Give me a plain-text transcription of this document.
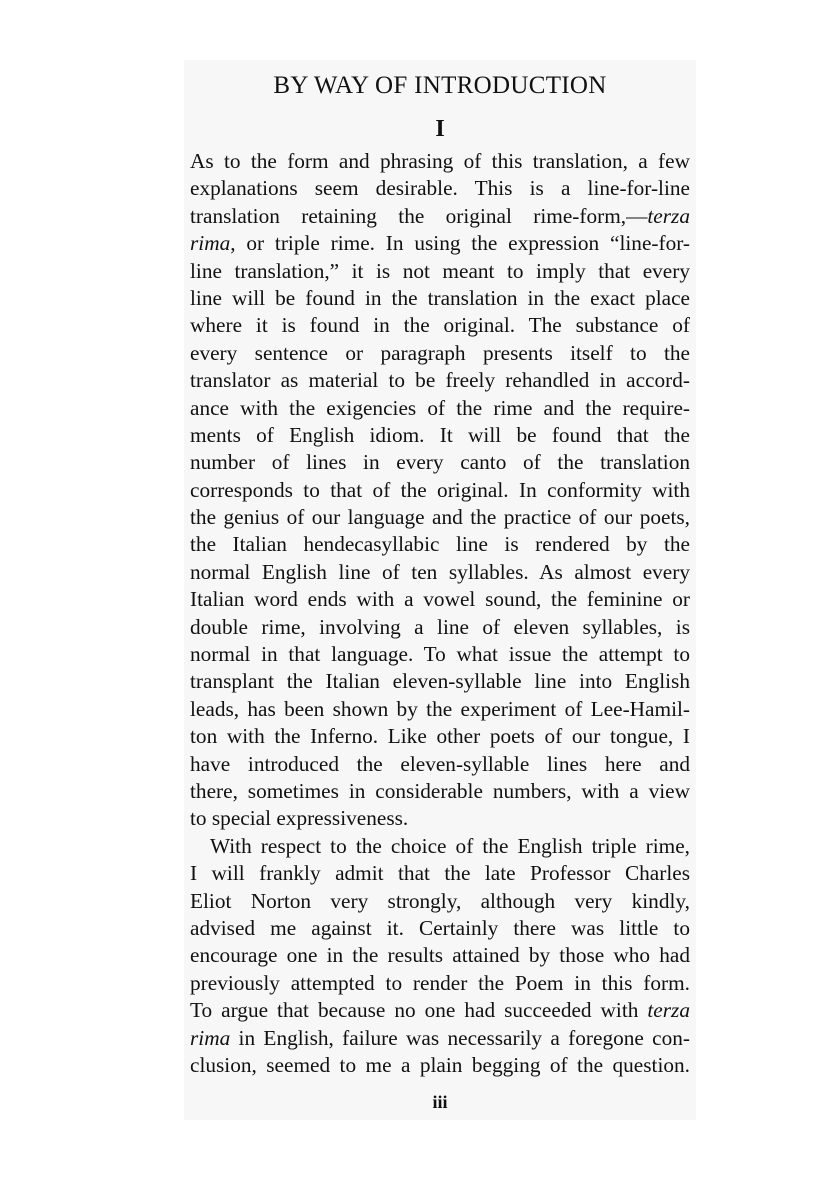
BY WAY OF INTRODUCTION
I
As to the form and phrasing of this translation, a few
explanations seem desirable. This is a line-for-line
translation retaining the original rime-form,—terza
rima, or triple rime. In using the expression “line-for-
line translation,” it is not meant to imply that every
line will be found in the translation in the exact place
where it is found in the original. The substance of
every sentence or paragraph presents itself to the
translator as material to be freely rehandled in accord-
ance with the exigencies of the rime and the require-
ments of English idiom. It will be found that the
number of lines in every canto of the translation
corresponds to that of the original. In conformity with
the genius of our language and the practice of our poets,
the Italian hendecasyllabic line is rendered by the
normal English line of ten syllables. As almost every
Italian word ends with a vowel sound, the feminine or
double rime, involving a line of eleven syllables, is
normal in that language. To what issue the attempt to
transplant the Italian eleven-syllable line into English
leads, has been shown by the experiment of Lee-Hamil-
ton with the Inferno. Like other poets of our tongue, I
have introduced the eleven-syllable lines here and
there, sometimes in considerable numbers, with a view
to special expressiveness.
With respect to the choice of the English triple rime,
I will frankly admit that the late Professor Charles
Eliot Norton very strongly, although very kindly,
advised me against it. Certainly there was little to
encourage one in the results attained by those who had
previously attempted to render the Poem in this form.
To argue that because no one had succeeded with terza
rima in English, failure was necessarily a foregone con-
clusion, seemed to me a plain begging of the question.
iii
